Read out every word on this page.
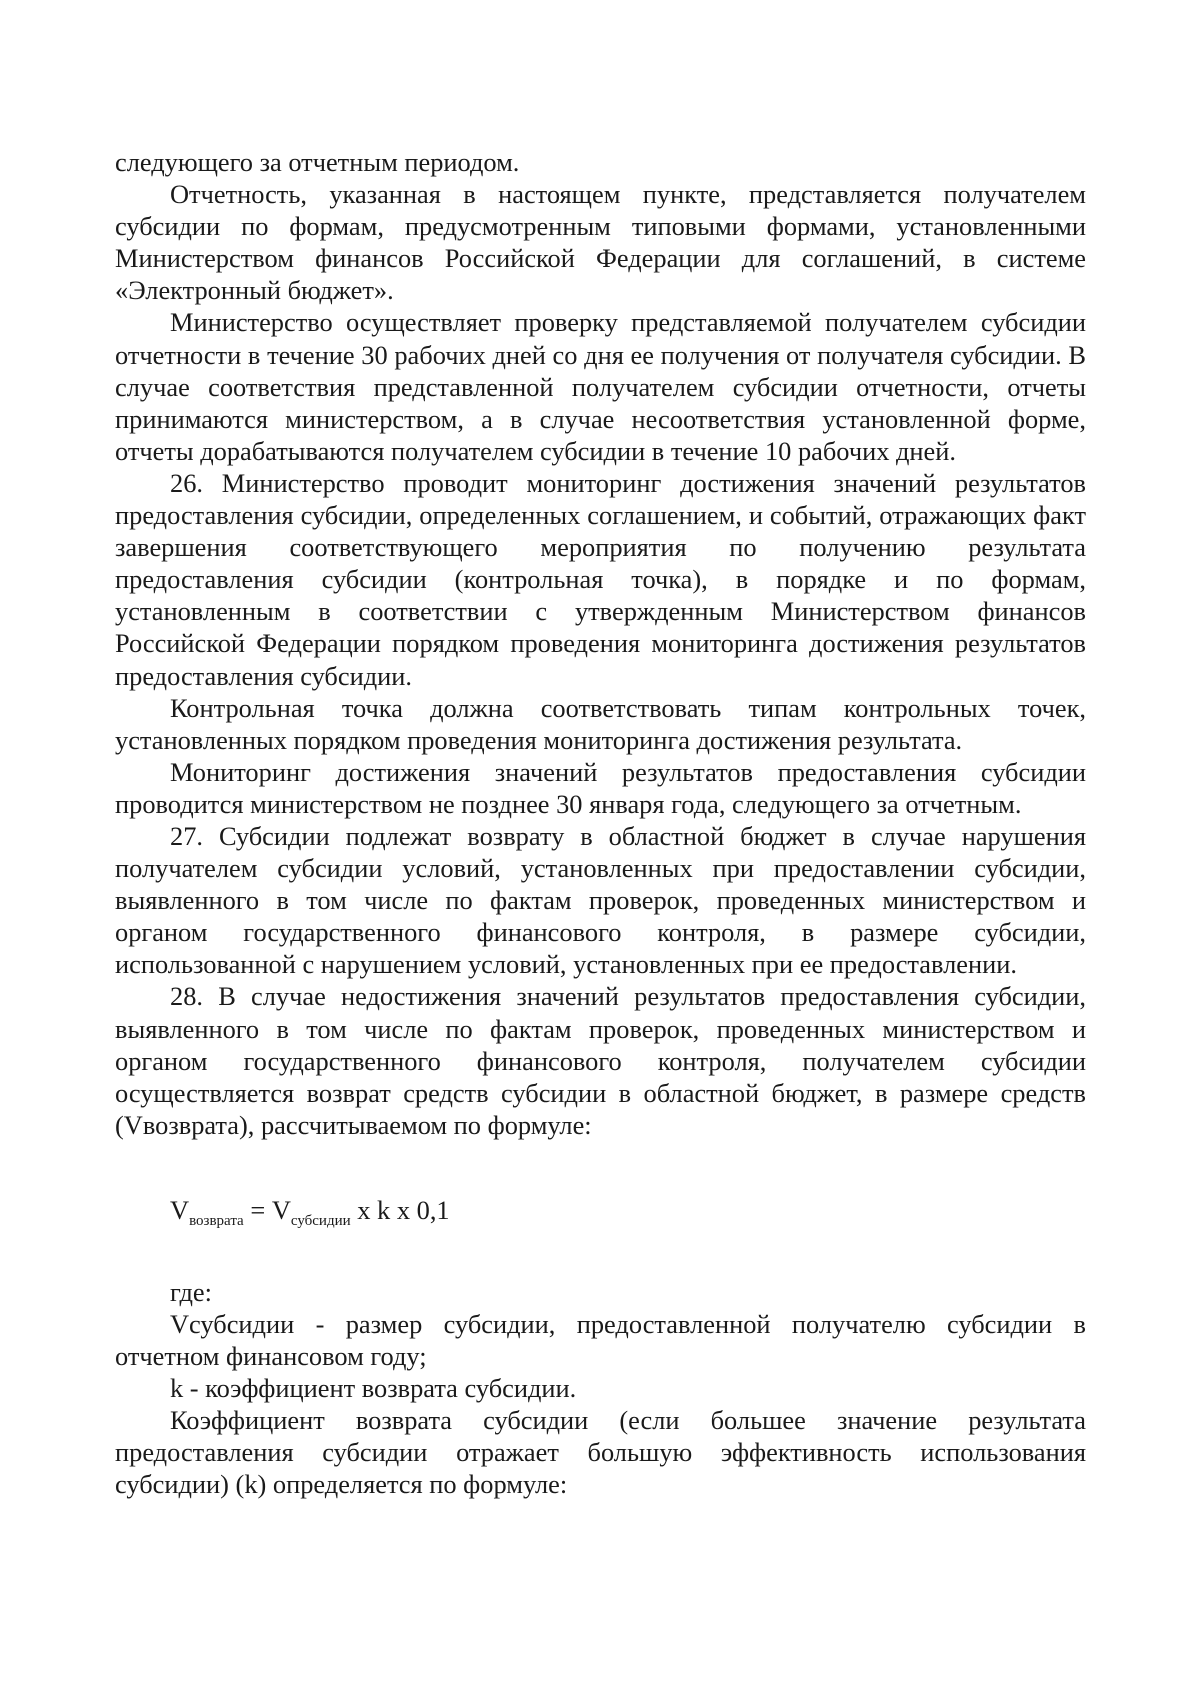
следующего за отчетным периодом.

Отчетность, указанная в настоящем пункте, представляется получателем субсидии по формам, предусмотренным типовыми формами, установленными Министерством финансов Российской Федерации для соглашений, в системе «Электронный бюджет».

Министерство осуществляет проверку представляемой получателем субсидии отчетности в течение 30 рабочих дней со дня ее получения от получателя субсидии. В случае соответствия представленной получателем субсидии отчетности, отчеты принимаются министерством, а в случае несоответствия установленной форме, отчеты дорабатываются получателем субсидии в течение 10 рабочих дней.

26. Министерство проводит мониторинг достижения значений результатов предоставления субсидии, определенных соглашением, и событий, отражающих факт завершения соответствующего мероприятия по получению результата предоставления субсидии (контрольная точка), в порядке и по формам, установленным в соответствии с утвержденным Министерством финансов Российской Федерации порядком проведения мониторинга достижения результатов предоставления субсидии.

Контрольная точка должна соответствовать типам контрольных точек, установленных порядком проведения мониторинга достижения результата.

Мониторинг достижения значений результатов предоставления субсидии проводится министерством не позднее 30 января года, следующего за отчетным.

27. Субсидии подлежат возврату в областной бюджет в случае нарушения получателем субсидии условий, установленных при предоставлении субсидии, выявленного в том числе по фактам проверок, проведенных министерством и органом государственного финансового контроля, в размере субсидии, использованной с нарушением условий, установленных при ее предоставлении.

28. В случае недостижения значений результатов предоставления субсидии, выявленного в том числе по фактам проверок, проведенных министерством и органом государственного финансового контроля, получателем субсидии осуществляется возврат средств субсидии в областной бюджет, в размере средств (Vвозврата), рассчитываемом по формуле:

$V_{возврата} = V_{субсидии}$ x k x 0,1

где:

Vсубсидии - размер субсидии, предоставленной получателю субсидии в отчетном финансовом году;

k - коэффициент возврата субсидии.

Коэффициент возврата субсидии (если большее значение результата предоставления субсидии отражает большую эффективность использования субсидии) (k) определяется по формуле:
